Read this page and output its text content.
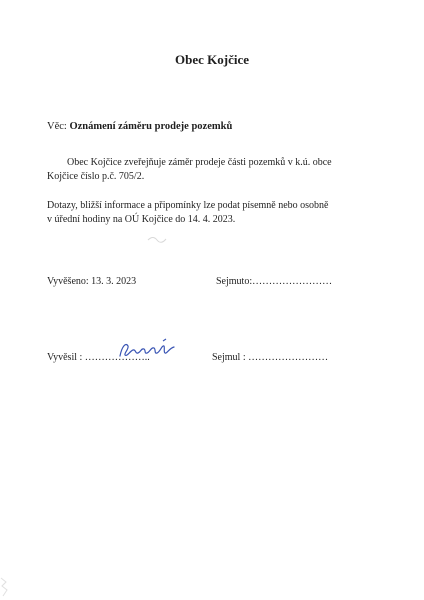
Obec Kojčice
Věc: Oznámení záměru prodeje pozemků
Obec Kojčice zveřejňuje záměr prodeje části pozemků v k.ú. obce
Kojčice číslo p.č. 705/2.
Dotazy, bližší informace a připomínky lze podat písemně nebo osobně
v úřední hodiny na OÚ Kojčice do 14. 4. 2023.
Vyvěšeno: 13. 3. 2023	Sejmuto:……………………
Vyvěsil : ………………..	Sejmul : ……………………
